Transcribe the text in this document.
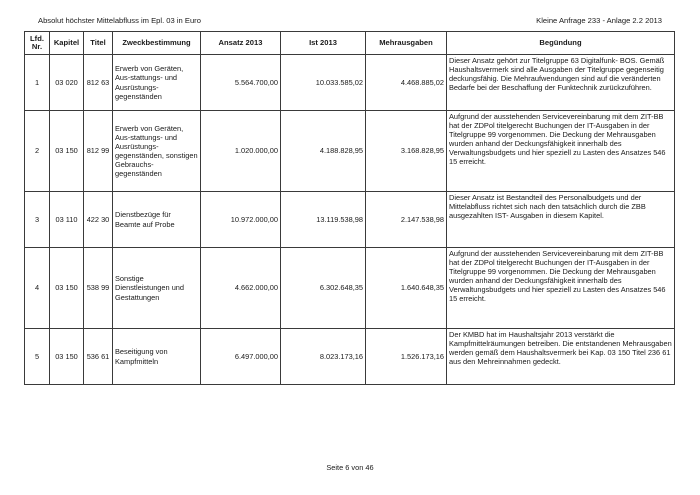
Absolut höchster Mittelabfluss im Epl. 03 in Euro	Kleine Anfrage 233 - Anlage 2.2 2013
Lfd. Nr.	Kapitel	Titel	Zweckbestimmung	Ansatz 2013	Ist 2013	Mehrausgaben	Begündung
1	03 020	812 63	Erwerb von Geräten, Aus-stattungs- und Ausrüstungs-gegenständen	5.564.700,00	10.033.585,02	4.468.885,02	Dieser Ansatz gehört zur Titelgruppe 63 Digitalfunk- BOS. Gemäß Haushaltsvermerk sind alle Ausgaben der Titelgruppe gegenseitig deckungsfähig. Die Mehraufwendungen sind auf die veränderten Bedarfe bei der Beschaffung der Funktechnik zurückzuführen.
2	03 150	812 99	Erwerb von Geräten, Aus-stattungs- und Ausrüstungs-gegenständen, sonstigen Gebrauchs-gegenständen	1.020.000,00	4.188.828,95	3.168.828,95	Aufgrund der ausstehenden Servicevereinbarung mit dem ZIT-BB hat der ZDPol titelgerecht Buchungen der IT-Ausgaben in der Titelgruppe 99 vorgenommen. Die Deckung der Mehrausgaben wurden anhand der Deckungsfähigkeit innerhalb des Verwaltungsbudgets und hier speziell zu Lasten des Ansatzes 546 15 erreicht.
3	03 110	422 30	Dienstbezüge für Beamte auf Probe	10.972.000,00	13.119.538,98	2.147.538,98	Dieser Ansatz ist Bestandteil des Personalbudgets und der Mittelabfluss richtet sich nach den tatsächlich durch die ZBB ausgezahlten IST- Ausgaben in diesem Kapitel.
4	03 150	538 99	Sonstige Dienstleistungen und Gestattungen	4.662.000,00	6.302.648,35	1.640.648,35	Aufgrund der ausstehenden Servicevereinbarung mit dem ZIT-BB hat der ZDPol titelgerecht Buchungen der IT-Ausgaben in der Titelgruppe 99 vorgenommen. Die Deckung der Mehrausgaben wurden anhand der Deckungsfähigkeit innerhalb des Verwaltungsbudgets und hier speziell zu Lasten des Ansatzes 546 15 erreicht.
5	03 150	536 61	Beseitigung von Kampfmitteln	6.497.000,00	8.023.173,16	1.526.173,16	Der KMBD hat im Haushaltsjahr 2013 verstärkt die Kampfmittelräumungen betreiben. Die entstandenen Mehrausgaben werden gemäß dem Haushaltsvermerk bei Kap. 03 150 Titel 236 61 aus den Mehreinnahmen gedeckt.
Seite 6 von 46
